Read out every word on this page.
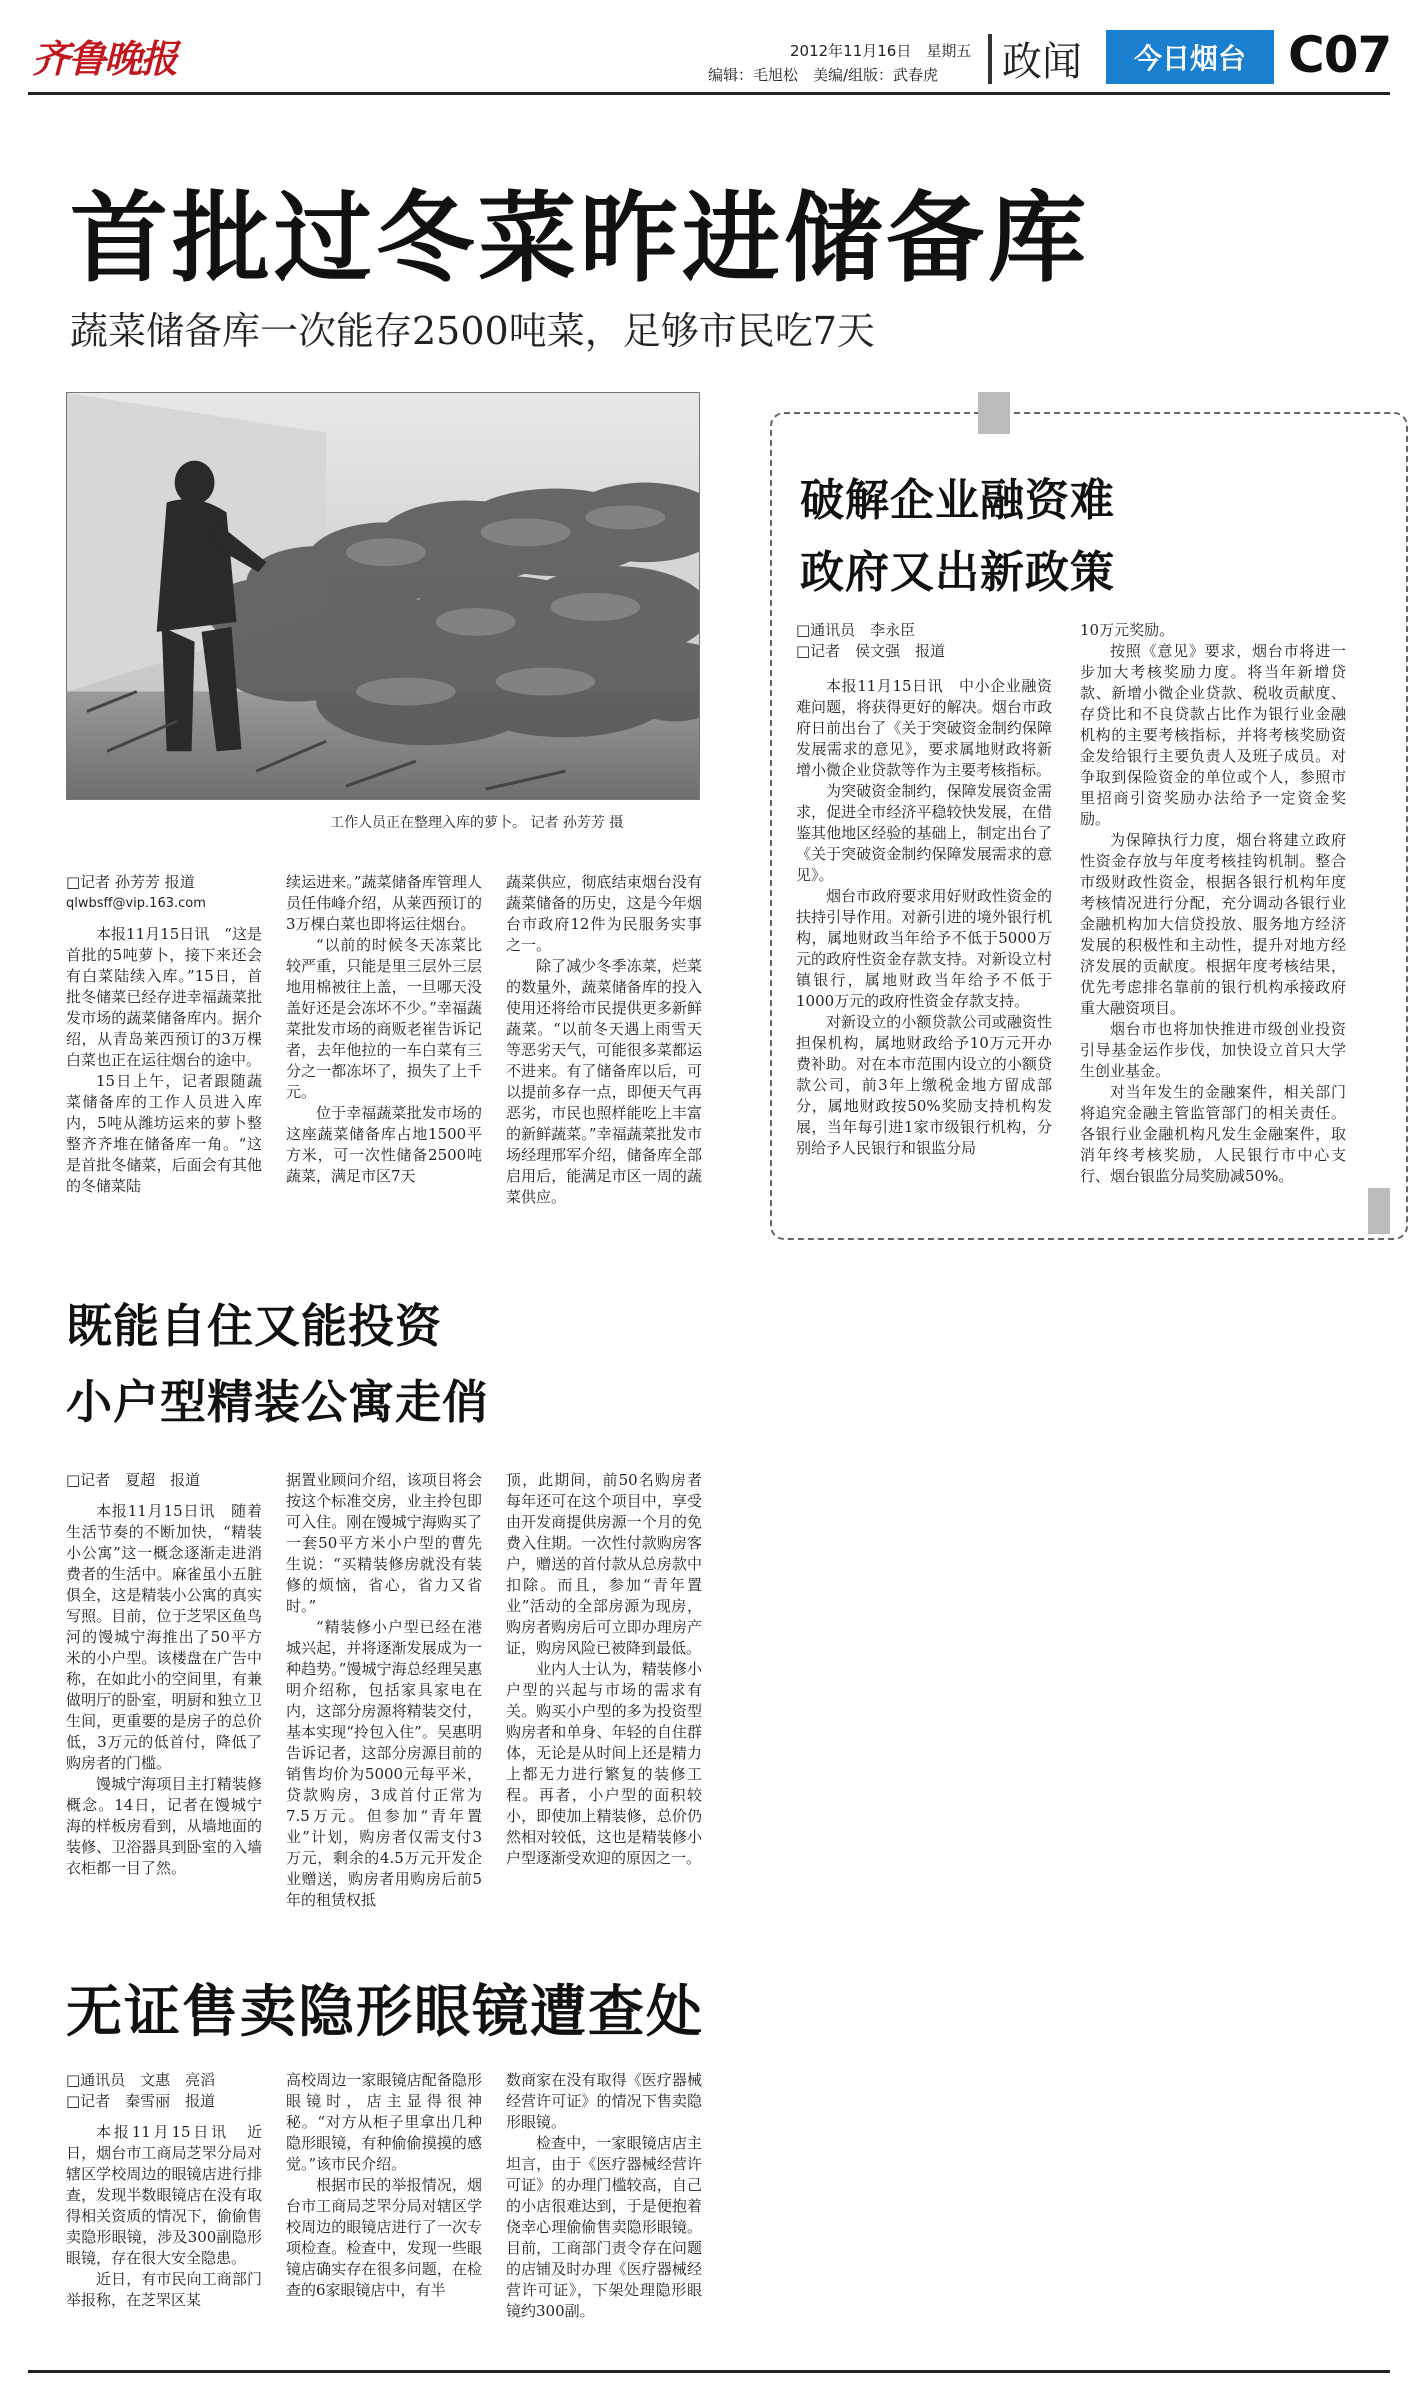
齐鲁晚报	2012年11月16日　星期五
编辑：毛旭松　美编/组版：武春虎 政闻	今日烟台 C07
首批过冬菜昨进储备库
蔬菜储备库一次能存2500吨菜，足够市民吃7天
工作人员正在整理入库的萝卜。 记者 孙芳芳 摄
□记者 孙芳芳 报道
qlwbsff@vip.163.com

本报11月15日讯　“这是首批的5吨萝卜，接下来还会有白菜陆续入库。”15日，首批冬储菜已经存进幸福蔬菜批发市场的蔬菜储备库内。据介绍，从青岛莱西预订的3万棵白菜也正在运往烟台的途中。

15日上午，记者跟随蔬菜储备库的工作人员进入库内，5吨从潍坊运来的萝卜整整齐齐堆在储备库一角。“这是首批冬储菜，后面会有其他的冬储菜陆

续运进来。”蔬菜储备库管理人员任伟峰介绍，从莱西预订的3万棵白菜也即将运往烟台。

“以前的时候冬天冻菜比较严重，只能是里三层外三层地用棉被往上盖，一旦哪天没盖好还是会冻坏不少。”幸福蔬菜批发市场的商贩老崔告诉记者，去年他拉的一车白菜有三分之一都冻坏了，损失了上千元。

位于幸福蔬菜批发市场的这座蔬菜储备库占地1500平方米，可一次性储备2500吨蔬菜，满足市区7天

蔬菜供应，彻底结束烟台没有蔬菜储备的历史，这是今年烟台市政府12件为民服务实事之一。

除了减少冬季冻菜，烂菜的数量外，蔬菜储备库的投入使用还将给市民提供更多新鲜蔬菜。“以前冬天遇上雨雪天等恶劣天气，可能很多菜都运不进来。有了储备库以后，可以提前多存一点，即便天气再恶劣，市民也照样能吃上丰富的新鲜蔬菜。”幸福蔬菜批发市场经理邢军介绍，储备库全部启用后，能满足市区一周的蔬菜供应。

破解企业融资难
政府又出新政策
□通讯员　李永臣
□记者　侯文强　报道

本报11月15日讯　中小企业融资难问题，将获得更好的解决。烟台市政府日前出台了《关于突破资金制约保障发展需求的意见》，要求属地财政将新增小微企业贷款等作为主要考核指标。

为突破资金制约，保障发展资金需求，促进全市经济平稳较快发展，在借鉴其他地区经验的基础上，制定出台了《关于突破资金制约保障发展需求的意见》。

烟台市政府要求用好财政性资金的扶持引导作用。对新引进的境外银行机构，属地财政当年给予不低于5000万元的政府性资金存款支持。对新设立村镇银行，属地财政当年给予不低于1000万元的政府性资金存款支持。

对新设立的小额贷款公司或融资性担保机构，属地财政给予10万元开办费补助。对在本市范围内设立的小额贷款公司，前3年上缴税金地方留成部分，属地财政按50%奖励支持机构发展，当年每引进1家市级银行机构，分别给予人民银行和银监分局

10万元奖励。

按照《意见》要求，烟台市将进一步加大考核奖励力度。将当年新增贷款、新增小微企业贷款、税收贡献度、存贷比和不良贷款占比作为银行业金融机构的主要考核指标，并将考核奖励资金发给银行主要负责人及班子成员。对争取到保险资金的单位或个人，参照市里招商引资奖励办法给予一定资金奖励。

为保障执行力度，烟台将建立政府性资金存放与年度考核挂钩机制。整合市级财政性资金，根据各银行机构年度考核情况进行分配，充分调动各银行业金融机构加大信贷投放、服务地方经济发展的积极性和主动性，提升对地方经济发展的贡献度。根据年度考核结果，优先考虑排名靠前的银行机构承接政府重大融资项目。

烟台市也将加快推进市级创业投资引导基金运作步伐，加快设立首只大学生创业基金。

对当年发生的金融案件，相关部门将追究金融主管监管部门的相关责任。各银行业金融机构凡发生金融案件，取消年终考核奖励，人民银行市中心支行、烟台银监分局奖励减50%。

既能自住又能投资
小户型精装公寓走俏
□记者　夏超　报道

本报11月15日讯　随着生活节奏的不断加快，“精装小公寓”这一概念逐渐走进消费者的生活中。麻雀虽小五脏俱全，这是精装小公寓的真实写照。目前，位于芝罘区鱼鸟河的馒城宁海推出了50平方米的小户型。该楼盘在广告中称，在如此小的空间里，有兼做明厅的卧室，明厨和独立卫生间，更重要的是房子的总价低，3万元的低首付，降低了购房者的门槛。

馒城宁海项目主打精装修概念。14日，记者在馒城宁海的样板房看到，从墙地面的装修、卫浴器具到卧室的入墙衣柜都一目了然。

据置业顾问介绍，该项目将会按这个标准交房，业主拎包即可入住。刚在馒城宁海购买了一套50平方米小户型的曹先生说：“买精装修房就没有装修的烦恼，省心，省力又省时。”

“精装修小户型已经在港城兴起，并将逐渐发展成为一种趋势。”馒城宁海总经理吴惠明介绍称，包括家具家电在内，这部分房源将精装交付，基本实现“拎包入住”。吴惠明告诉记者，这部分房源目前的销售均价为5000元每平米，贷款购房，3成首付正常为7.5万元。但参加“青年置业”计划，购房者仅需支付3万元，剩余的4.5万元开发企业赠送，购房者用购房后前5年的租赁权抵

顶，此期间，前50名购房者每年还可在这个项目中，享受由开发商提供房源一个月的免费入住期。一次性付款购房客户，赠送的首付款从总房款中扣除。而且，参加“青年置业”活动的全部房源为现房，购房者购房后可立即办理房产证，购房风险已被降到最低。

业内人士认为，精装修小户型的兴起与市场的需求有关。购买小户型的多为投资型购房者和单身、年轻的自住群体，无论是从时间上还是精力上都无力进行繁复的装修工程。再者，小户型的面积较小，即使加上精装修，总价仍然相对较低，这也是精装修小户型逐渐受欢迎的原因之一。

无证售卖隐形眼镜遭查处
□通讯员　文惠　亮滔
□记者　秦雪丽　报道

本报11月15日讯　近日，烟台市工商局芝罘分局对辖区学校周边的眼镜店进行排查，发现半数眼镜店在没有取得相关资质的情况下，偷偷售卖隐形眼镜，涉及300副隐形眼镜，存在很大安全隐患。

近日，有市民向工商部门举报称，在芝罘区某

高校周边一家眼镜店配备隐形眼镜时，店主显得很神秘。“对方从柜子里拿出几种隐形眼镜，有种偷偷摸摸的感觉。”该市民介绍。

根据市民的举报情况，烟台市工商局芝罘分局对辖区学校周边的眼镜店进行了一次专项检查。检查中，发现一些眼镜店确实存在很多问题，在检查的6家眼镜店中，有半

数商家在没有取得《医疗器械经营许可证》的情况下售卖隐形眼镜。

检查中，一家眼镜店店主坦言，由于《医疗器械经营许可证》的办理门槛较高，自己的小店很难达到，于是便抱着侥幸心理偷偷售卖隐形眼镜。目前，工商部门责令存在问题的店铺及时办理《医疗器械经营许可证》，下架处理隐形眼镜约300副。
